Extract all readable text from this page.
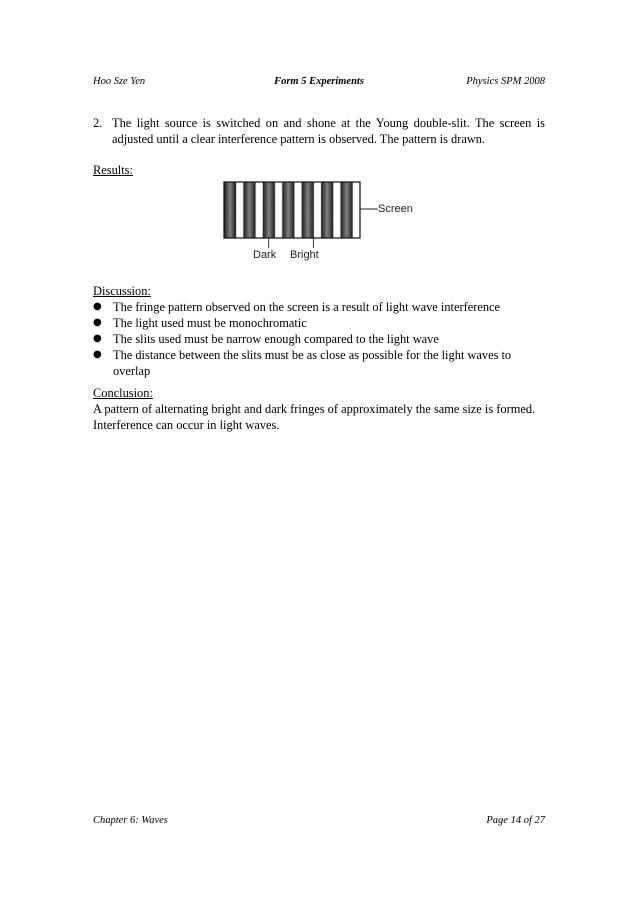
Hoo Sze Yen	Form 5 Experiments	Physics SPM 2008
2. The light source is switched on and shone at the Young double-slit. The screen is adjusted until a clear interference pattern is observed. The pattern is drawn.
Results:
Screen
Dark Bright
Discussion:
● The fringe pattern observed on the screen is a result of light wave interference
● The light used must be monochromatic
● The slits used must be narrow enough compared to the light wave
● The distance between the slits must be as close as possible for the light waves to overlap
Conclusion:
A pattern of alternating bright and dark fringes of approximately the same size is formed. Interference can occur in light waves.
Chapter 6: Waves	Page 14 of 27
